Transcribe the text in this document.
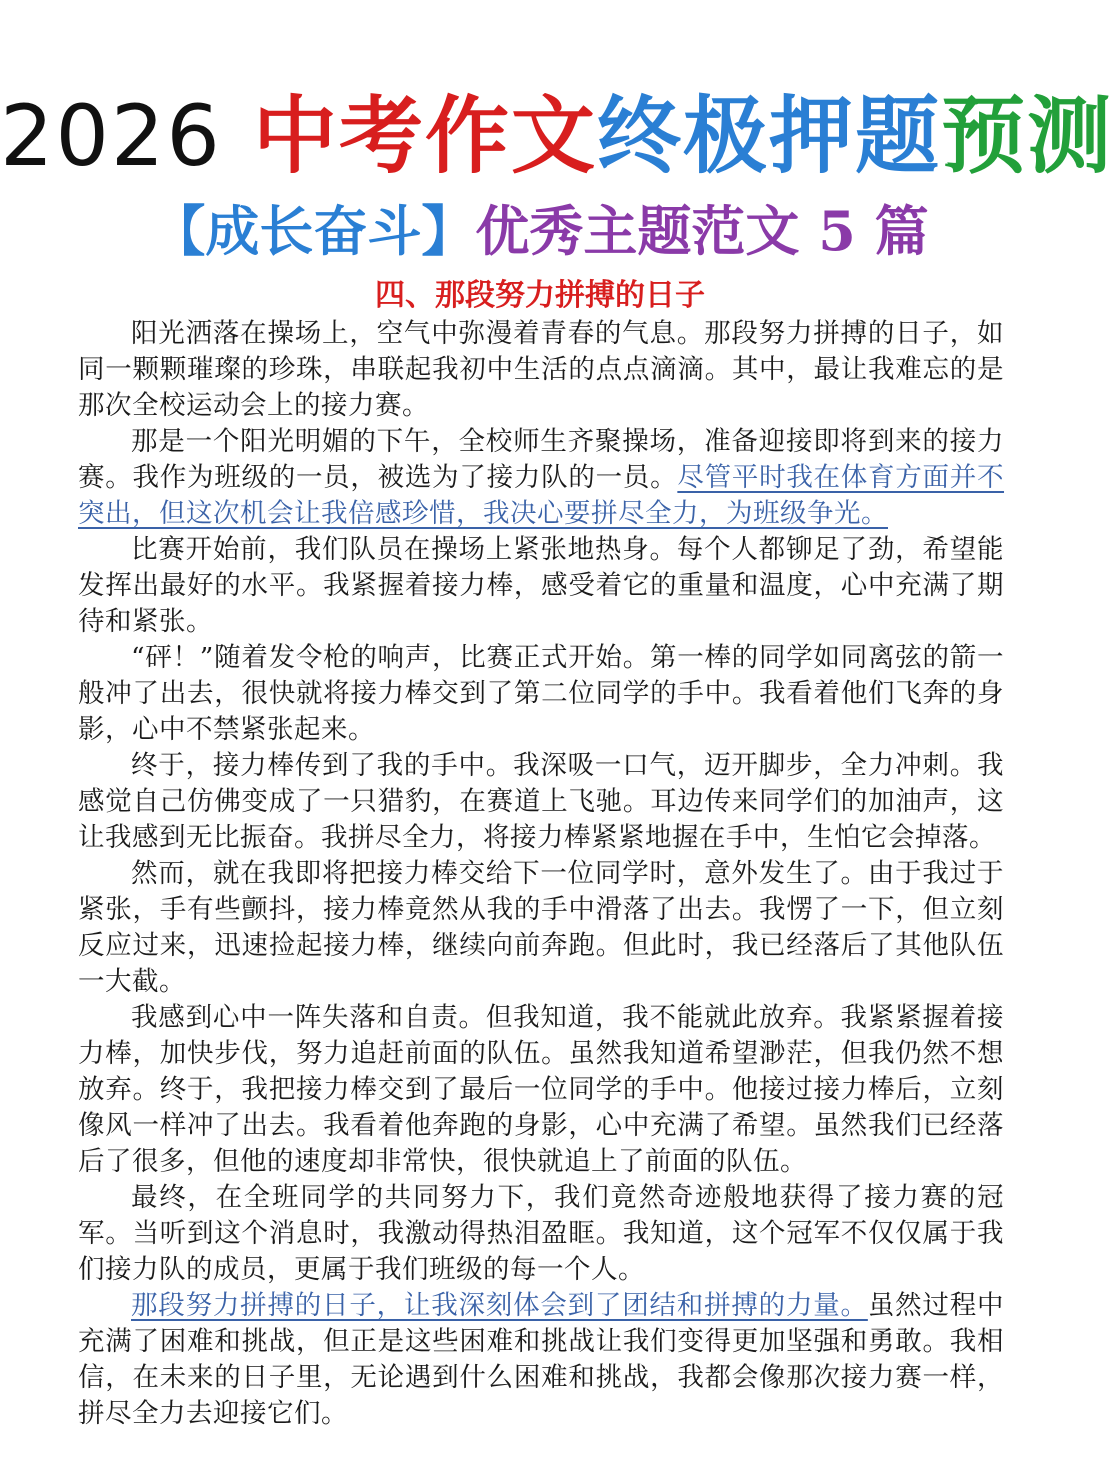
2026 中考作文终极押题预测
【成长奋斗】优秀主题范文 5 篇
四、那段努力拼搏的日子

阳光洒落在操场上，空气中弥漫着青春的气息。那段努力拼搏的日子，如同一颗颗璀璨的珍珠，串联起我初中生活的点点滴滴。其中，最让我难忘的是那次全校运动会上的接力赛。

那是一个阳光明媚的下午，全校师生齐聚操场，准备迎接即将到来的接力赛。我作为班级的一员，被选为了接力队的一员。尽管平时我在体育方面并不突出，但这次机会让我倍感珍惜，我决心要拼尽全力，为班级争光。

比赛开始前，我们队员在操场上紧张地热身。每个人都铆足了劲，希望能发挥出最好的水平。我紧握着接力棒，感受着它的重量和温度，心中充满了期待和紧张。

“砰！”随着发令枪的响声，比赛正式开始。第一棒的同学如同离弦的箭一般冲了出去，很快就将接力棒交到了第二位同学的手中。我看着他们飞奔的身影，心中不禁紧张起来。

终于，接力棒传到了我的手中。我深吸一口气，迈开脚步，全力冲刺。我感觉自己仿佛变成了一只猎豹，在赛道上飞驰。耳边传来同学们的加油声，这让我感到无比振奋。我拼尽全力，将接力棒紧紧地握在手中，生怕它会掉落。

然而，就在我即将把接力棒交给下一位同学时，意外发生了。由于我过于紧张，手有些颤抖，接力棒竟然从我的手中滑落了出去。我愣了一下，但立刻反应过来，迅速捡起接力棒，继续向前奔跑。但此时，我已经落后了其他队伍一大截。

我感到心中一阵失落和自责。但我知道，我不能就此放弃。我紧紧握着接力棒，加快步伐，努力追赶前面的队伍。虽然我知道希望渺茫，但我仍然不想放弃。终于，我把接力棒交到了最后一位同学的手中。他接过接力棒后，立刻像风一样冲了出去。我看着他奔跑的身影，心中充满了希望。虽然我们已经落后了很多，但他的速度却非常快，很快就追上了前面的队伍。

最终，在全班同学的共同努力下，我们竟然奇迹般地获得了接力赛的冠军。当听到这个消息时，我激动得热泪盈眶。我知道，这个冠军不仅仅属于我们接力队的成员，更属于我们班级的每一个人。

那段努力拼搏的日子，让我深刻体会到了团结和拼搏的力量。虽然过程中充满了困难和挑战，但正是这些困难和挑战让我们变得更加坚强和勇敢。我相信，在未来的日子里，无论遇到什么困难和挑战，我都会像那次接力赛一样，拼尽全力去迎接它们。
